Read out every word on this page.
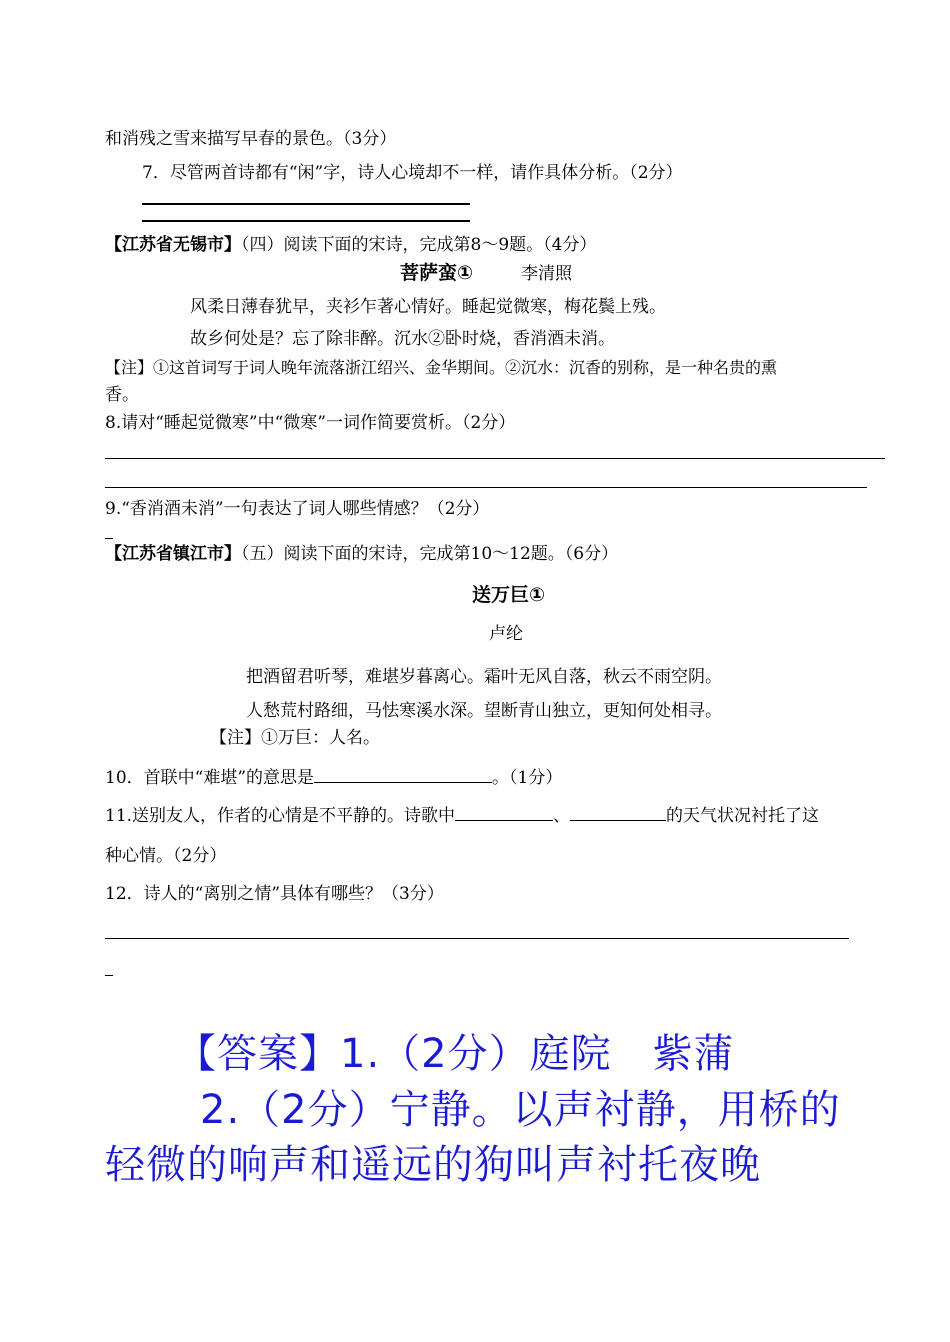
和消残之雪来描写早春的景色。（3分）
7．尽管两首诗都有“闲”字，诗人心境却不一样，请作具体分析。（2分）
【江苏省无锡市】（四）阅读下面的宋诗，完成第8～9题。（4分）
菩萨蛮①	李清照
风柔日薄春犹早，夹衫乍著心情好。睡起觉微寒，梅花鬓上残。
故乡何处是？忘了除非醉。沉水②卧时烧，香消酒未消。
【注】①这首词写于词人晚年流落浙江绍兴、金华期间。②沉水：沉香的别称，是一种名贵的熏
香。
8.请对“睡起觉微寒”中“微寒”一词作简要赏析。（2分）
9.“香消酒未消”一句表达了词人哪些情感？（2分）
【江苏省镇江市】（五）阅读下面的宋诗，完成第10～12题。（6分）
送万巨①
卢纶
把酒留君听琴，难堪岁暮离心。霜叶无风自落，秋云不雨空阴。
人愁荒村路细，马怯寒溪水深。望断青山独立，更知何处相寻。
【注】①万巨：人名。
10．首联中“难堪”的意思是	。（1分）
11.送别友人，作者的心情是不平静的。诗歌中	、	的天气状况衬托了这
种心情。（2分）
12．诗人的“离别之情”具体有哪些？（3分）
【答案】1.（2分）庭院　紫蒲
2.（2分）宁静。以声衬静，用桥的
轻微的响声和遥远的狗叫声衬托夜晚
